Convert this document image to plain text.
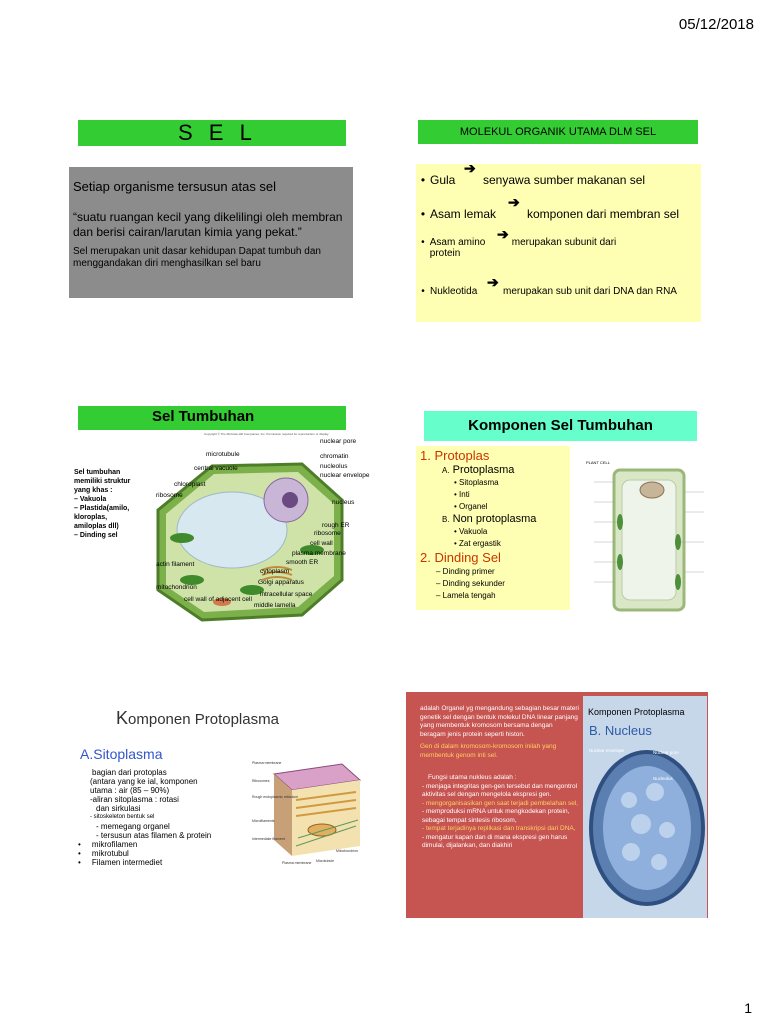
05/12/2018
1
S E L
Setiap organisme tersusun atas sel
“suatu ruangan kecil yang dikelilingi oleh membran dan berisi cairan/larutan kimia yang pekat.”
Sel merupakan unit dasar kehidupan Dapat tumbuh dan menggandakan diri menghasilkan sel baru
MOLEKUL ORGANIK UTAMA DLM SEL
• Gula	senyawa sumber makanan sel
➔
• Asam lemak	komponen dari membran sel
➔
• Asam amino	merupakan subunit dari protein
➔
• Nukleotida	merupakan sub unit dari DNA dan RNA
➔
Sel Tumbuhan
Sel tumbuhan memiliki struktur yang khas :
– Vakuola
– Plastida(amilo, kloroplas, amiloplas dll)
– Dinding sel
Copyright © The McGraw-Hill Companies, Inc. Permission required for reproduction or display.
microtubule
central vacuole
chloroplast
ribosome
nuclear pore
chromatin
nucleolus
nuclear envelope
nucleus
rough ER
ribosome
cell wall
plasma membrane
smooth ER
cytoplasm
Golgi apparatus
intracellular space
middle lamella
actin filament
mitochondrion
cell wall of adjacent cell
Komponen Sel Tumbuhan
1. Protoplas
A. Protoplasma
• Sitoplasma
• Inti
• Organel
B. Non protoplasma
• Vakuola
• Zat ergastik
2. Dinding Sel
– Dinding primer
– Dinding sekunder
– Lamela tengah
PLANT CELL
Komponen Protoplasma
A.Sitoplasma
bagian dari protoplas
(antara yang ke ial, komponen
utama : air (85 – 90%)
-aliran sitoplasma : rotasi
dan sirkulasi
- sitoskeleton bentuk sel
- memegang organel
- tersusun atas filamen & protein
•     mikrofilamen
•     mikrotubul
•     Filamen intermediet
Plasma membrane
Ribosomes
Rough endoplasmic reticulum
Microfilaments
Intermediate filament
Plasma membrane Microtubule
Mitochondrion
Nuclear envelope	Nuclear pore
Nucleolus
Komponen Protoplasma
B. Nucleus
adalah Organel yg mengandung sebagian besar materi genetik sel dengan bentuk molekul DNA linear panjang yang membentuk kromosom bersama dengan beragam jenis protein seperti histon.
Gen di dalam kromosom-kromosom inilah yang membentuk genom inti sel.
Fungsi utama nukleus adalah :
- menjaga integritas gen-gen tersebut dan mengontrol aktivitas sel dengan mengelola ekspresi gen.
- mengorganisasikan gen saat terjadi pembelahan sel,
- memproduksi mRNA untuk mengkodekan protein, sebagai tempat sintesis ribosom,
- tempat terjadinya replikasi dan transkripsi dari DNA,
- mengatur kapan dan di mana ekspresi gen harus dimulai, dijalankan, dan diakhiri
